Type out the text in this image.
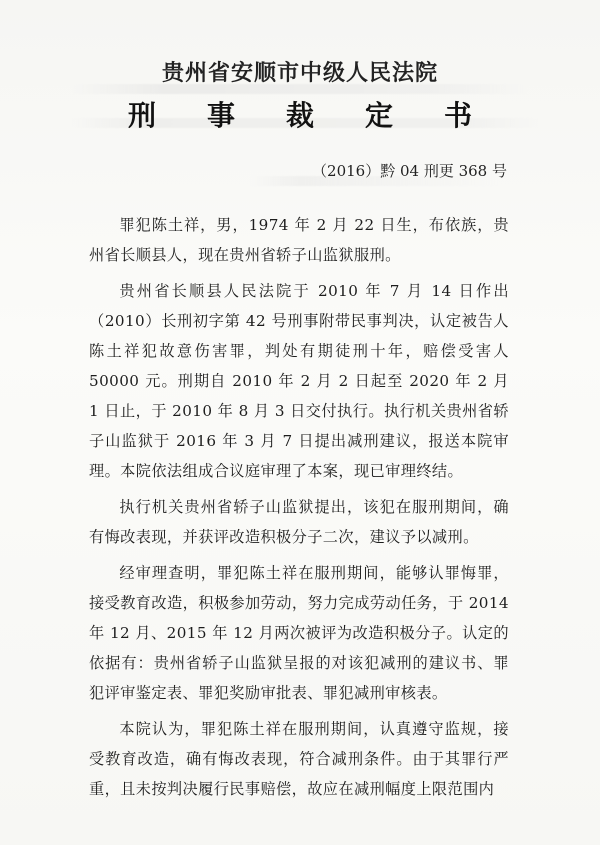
贵州省安顺市中级人民法院
刑 事 裁 定 书
（2016）黔 04 刑更 368 号

罪犯陈土祥，男，1974 年 2 月 22 日生，布依族，贵州省长顺县人，现在贵州省轿子山监狱服刑。

贵州省长顺县人民法院于 2010 年 7 月 14 日作出（2010）长刑初字第 42 号刑事附带民事判决，认定被告人陈土祥犯故意伤害罪，判处有期徒刑十年，赔偿受害人 50000 元。刑期自 2010 年 2 月 2 日起至 2020 年 2 月 1 日止，于 2010 年 8 月 3 日交付执行。执行机关贵州省轿子山监狱于 2016 年 3 月 7 日提出减刑建议，报送本院审理。本院依法组成合议庭审理了本案，现已审理终结。

执行机关贵州省轿子山监狱提出，该犯在服刑期间，确有悔改表现，并获评改造积极分子二次，建议予以减刑。

经审理查明，罪犯陈土祥在服刑期间，能够认罪悔罪，接受教育改造，积极参加劳动，努力完成劳动任务，于 2014 年 12 月、2015 年 12 月两次被评为改造积极分子。认定的依据有：贵州省轿子山监狱呈报的对该犯减刑的建议书、罪犯评审鉴定表、罪犯奖励审批表、罪犯减刑审核表。

本院认为，罪犯陈土祥在服刑期间，认真遵守监规，接受教育改造，确有悔改表现，符合减刑条件。由于其罪行严重，且未按判决履行民事赔偿，故应在减刑幅度上限范围内
